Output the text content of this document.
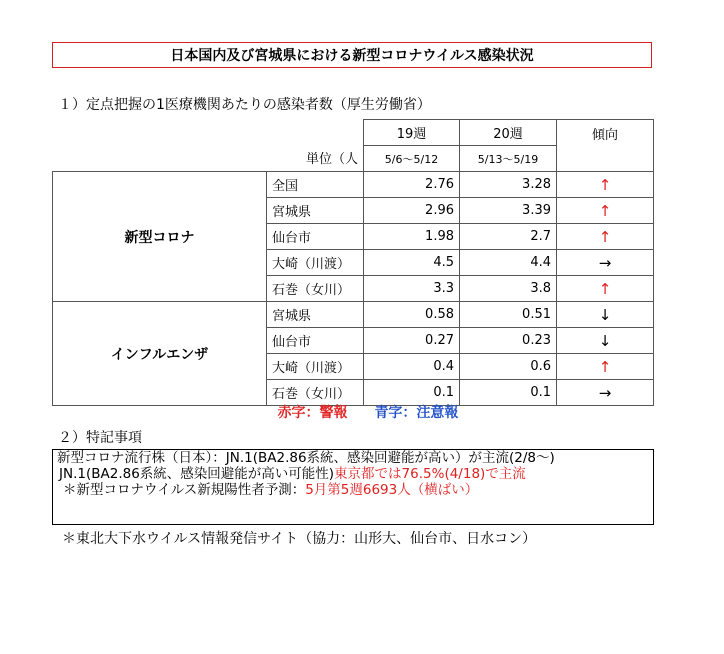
日本国内及び宮城県における新型コロナウイルス感染状況
１）定点把握の1医療機関あたりの感染者数（厚生労働省）
	単位（人	19週	20週	傾向
		5/6～5/12	5/13～5/19	
新型コロナ	全国	2.76	3.28	↑
	宮城県	2.96	3.39	↑
	仙台市	1.98	2.7	↑
	大崎（川渡）	4.5	4.4	→
	石巻（女川）	3.3	3.8	↑
インフルエンザ	宮城県	0.58	0.51	↓
	仙台市	0.27	0.23	↓
	大崎（川渡）	0.4	0.6	↑
	石巻（女川）	0.1	0.1	→
赤字：警報 青字：注意報
２）特記事項
新型コロナ流行株（日本）：JN.1(BA2.86系統、感染回避能が高い）が主流(2/8～)
JN.1(BA2.86系統、感染回避能が高い可能性)東京都では76.5%(4/18)で主流
＊新型コロナウイルス新規陽性者予測：5月第5週6693人（横ばい）
＊東北大下水ウイルス情報発信サイト（協力：山形大、仙台市、日水コン）
